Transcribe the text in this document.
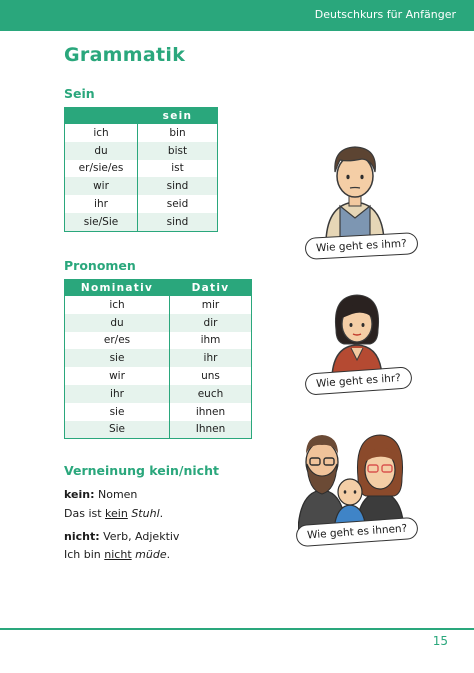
Deutschkurs für Anfänger
Grammatik
Sein
	sein
ich	bin
du	bist
er/sie/es	ist
wir	sind
ihr	seid
sie/Sie	sind
Pronomen
Nominativ	Dativ
ich	mir
du	dir
er/es	ihm
sie	ihr
wir	uns
ihr	euch
sie	ihnen
Sie	Ihnen
Verneinung kein/nicht
kein: Nomen
Das ist kein Stuhl.
nicht: Verb, Adjektiv
Ich bin nicht müde.
Wie geht es ihm?
Wie geht es ihr?
Wie geht es ihnen?
15
